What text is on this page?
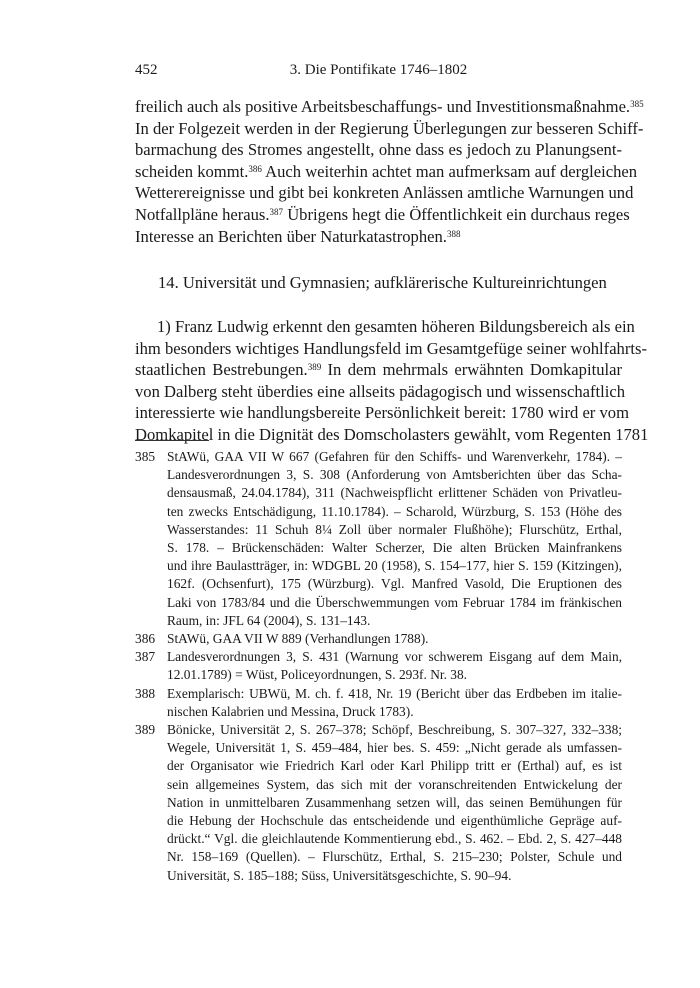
452	3. Die Pontifikate 1746–1802
freilich auch als positive Arbeitsbeschaffungs- und Investitionsmaßnahme.$^{385}$
In der Folgezeit werden in der Regierung Überlegungen zur besseren Schiff-
barmachung des Stromes angestellt, ohne dass es jedoch zu Planungsent-
scheiden kommt.$^{386}$ Auch weiterhin achtet man aufmerksam auf dergleichen
Wetterereignisse und gibt bei konkreten Anlässen amtliche Warnungen und
Notfallpläne heraus.$^{387}$ Übrigens hegt die Öffentlichkeit ein durchaus reges
Interesse an Berichten über Naturkatastrophen.$^{388}$
14. Universität und Gymnasien; aufklärerische Kultureinrichtungen
1) Franz Ludwig erkennt den gesamten höheren Bildungsbereich als ein
ihm besonders wichtiges Handlungsfeld im Gesamtgefüge seiner wohlfahrts-
staatlichen Bestrebungen.$^{389}$ In dem mehrmals erwähnten Domkapitular
von Dalberg steht überdies eine allseits pädagogisch und wissenschaftlich
interessierte wie handlungsbereite Persönlichkeit bereit: 1780 wird er vom
Domkapitel in die Dignität des Domscholasters gewählt, vom Regenten 1781
385 StAWü, GAA VII W 667 (Gefahren für den Schiffs- und Warenverkehr, 1784). –
Landesverordnungen 3, S. 308 (Anforderung von Amtsberichten über das Scha-
densausmaß, 24.04.1784), 311 (Nachweispflicht erlittener Schäden von Privatleu-
ten zwecks Entschädigung, 11.10.1784). – Scharold, Würzburg, S. 153 (Höhe des
Wasserstandes: 11 Schuh 8¼ Zoll über normaler Flußhöhe); Flurschütz, Erthal,
S. 178. – Brückenschäden: Walter Scherzer, Die alten Brücken Mainfrankens
und ihre Baulastträger, in: WDGBL 20 (1958), S. 154–177, hier S. 159 (Kitzingen),
162f. (Ochsenfurt), 175 (Würzburg). Vgl. Manfred Vasold, Die Eruptionen des
Laki von 1783/84 und die Überschwemmungen vom Februar 1784 im fränkischen
Raum, in: JFL 64 (2004), S. 131–143.
386 StAWü, GAA VII W 889 (Verhandlungen 1788).
387 Landesverordnungen 3, S. 431 (Warnung vor schwerem Eisgang auf dem Main,
12.01.1789) = Wüst, Policeyordnungen, S. 293f. Nr. 38.
388 Exemplarisch: UBWü, M. ch. f. 418, Nr. 19 (Bericht über das Erdbeben im italie-
nischen Kalabrien und Messina, Druck 1783).
389 Bönicke, Universität 2, S. 267–378; Schöpf, Beschreibung, S. 307–327, 332–338;
Wegele, Universität 1, S. 459–484, hier bes. S. 459: „Nicht gerade als umfassen-
der Organisator wie Friedrich Karl oder Karl Philipp tritt er (Erthal) auf, es ist
sein allgemeines System, das sich mit der voranschreitenden Entwickelung der
Nation in unmittelbaren Zusammenhang setzen will, das seinen Bemühungen für
die Hebung der Hochschule das entscheidende und eigenthümliche Gepräge auf-
drückt.“ Vgl. die gleichlautende Kommentierung ebd., S. 462. – Ebd. 2, S. 427–448
Nr. 158–169 (Quellen). – Flurschütz, Erthal, S. 215–230; Polster, Schule und
Universität, S. 185–188; Süss, Universitätsgeschichte, S. 90–94.
